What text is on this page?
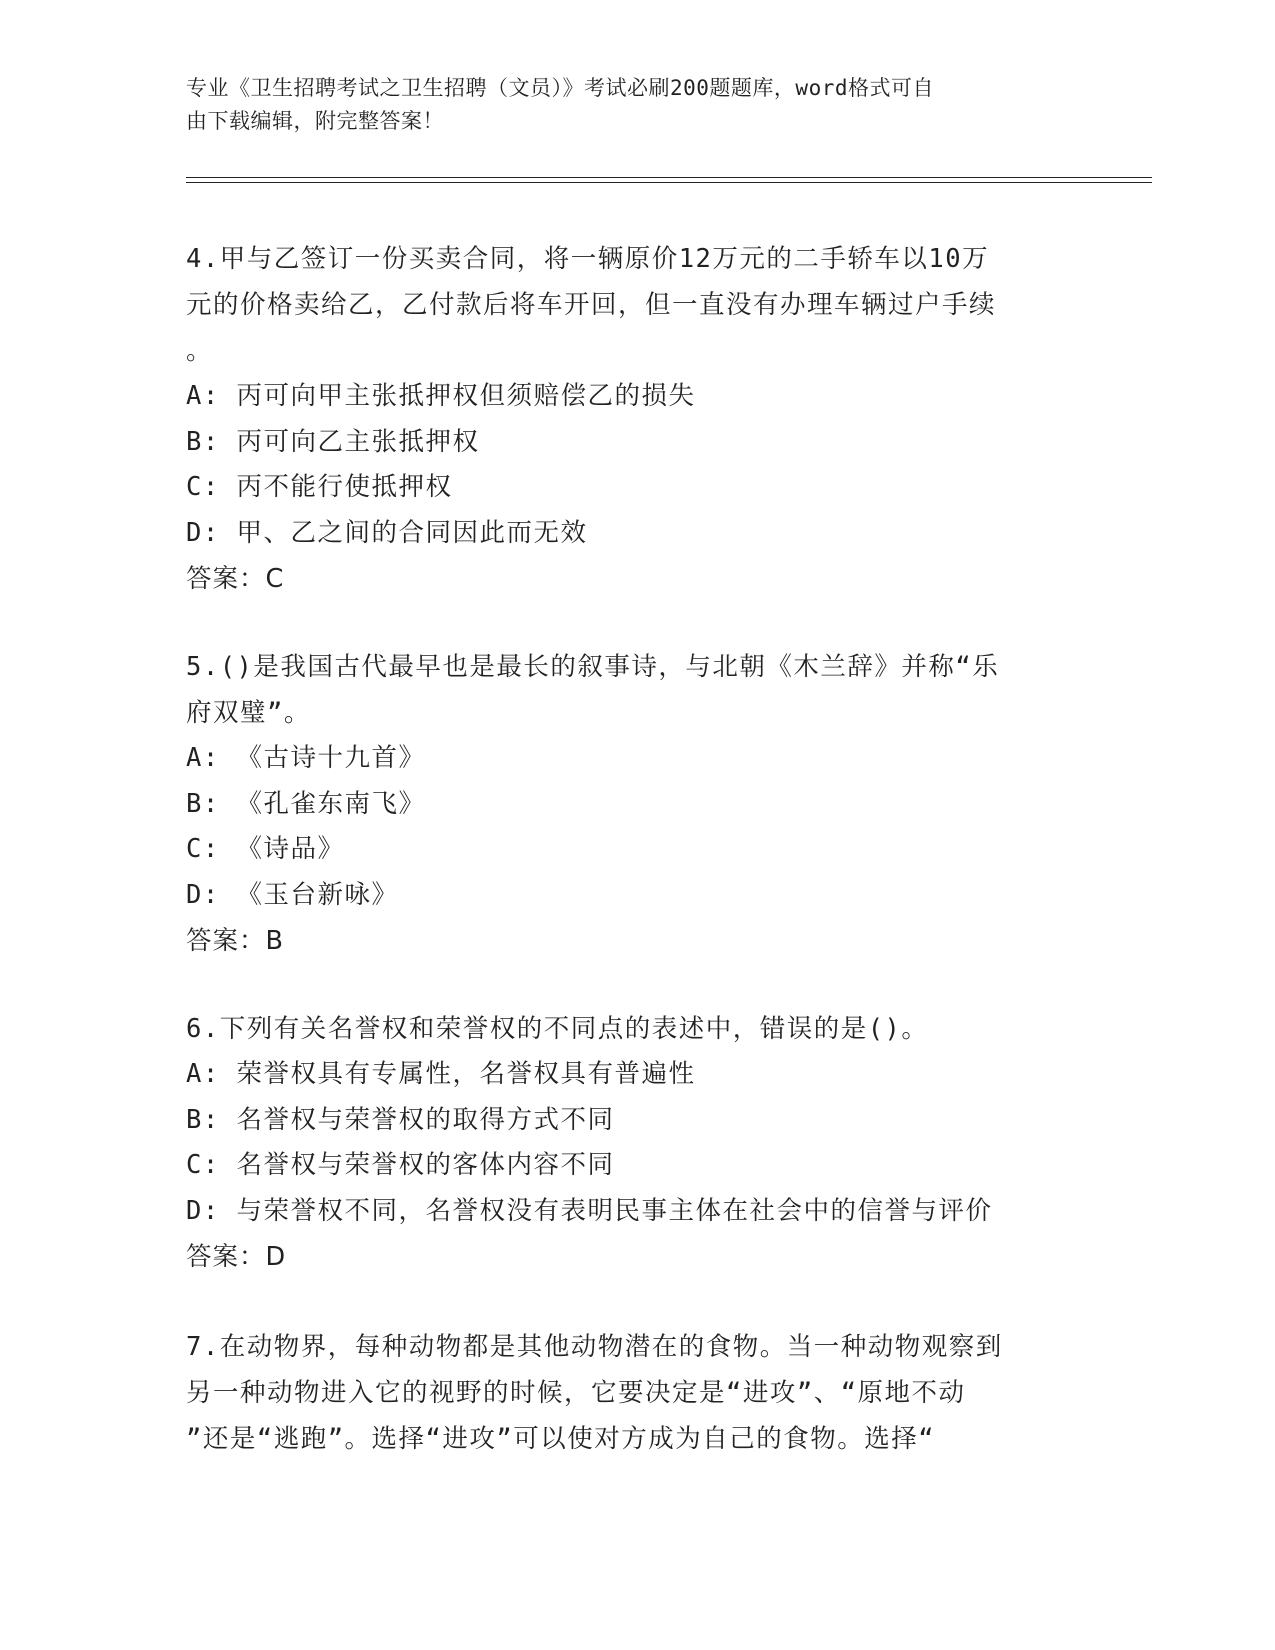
专业《卫生招聘考试之卫生招聘（文员）》考试必刷200题题库，word格式可自
由下载编辑，附完整答案！

4.甲与乙签订一份买卖合同，将一辆原价12万元的二手轿车以10万

元的价格卖给乙，乙付款后将车开回，但一直没有办理车辆过户手续

。

A: 丙可向甲主张抵押权但须赔偿乙的损失

B: 丙可向乙主张抵押权

C: 丙不能行使抵押权

D: 甲、乙之间的合同因此而无效

答案：C

5.()是我国古代最早也是最长的叙事诗，与北朝《木兰辞》并称“乐

府双璧”。

A: 《古诗十九首》

B: 《孔雀东南飞》

C: 《诗品》

D: 《玉台新咏》

答案：B

6.下列有关名誉权和荣誉权的不同点的表述中，错误的是()。

A: 荣誉权具有专属性，名誉权具有普遍性

B: 名誉权与荣誉权的取得方式不同

C: 名誉权与荣誉权的客体内容不同

D: 与荣誉权不同，名誉权没有表明民事主体在社会中的信誉与评价

答案：D

7.在动物界，每种动物都是其他动物潜在的食物。当一种动物观察到

另一种动物进入它的视野的时候，它要决定是“进攻”、“原地不动

”还是“逃跑”。选择“进攻”可以使对方成为自己的食物。选择“
